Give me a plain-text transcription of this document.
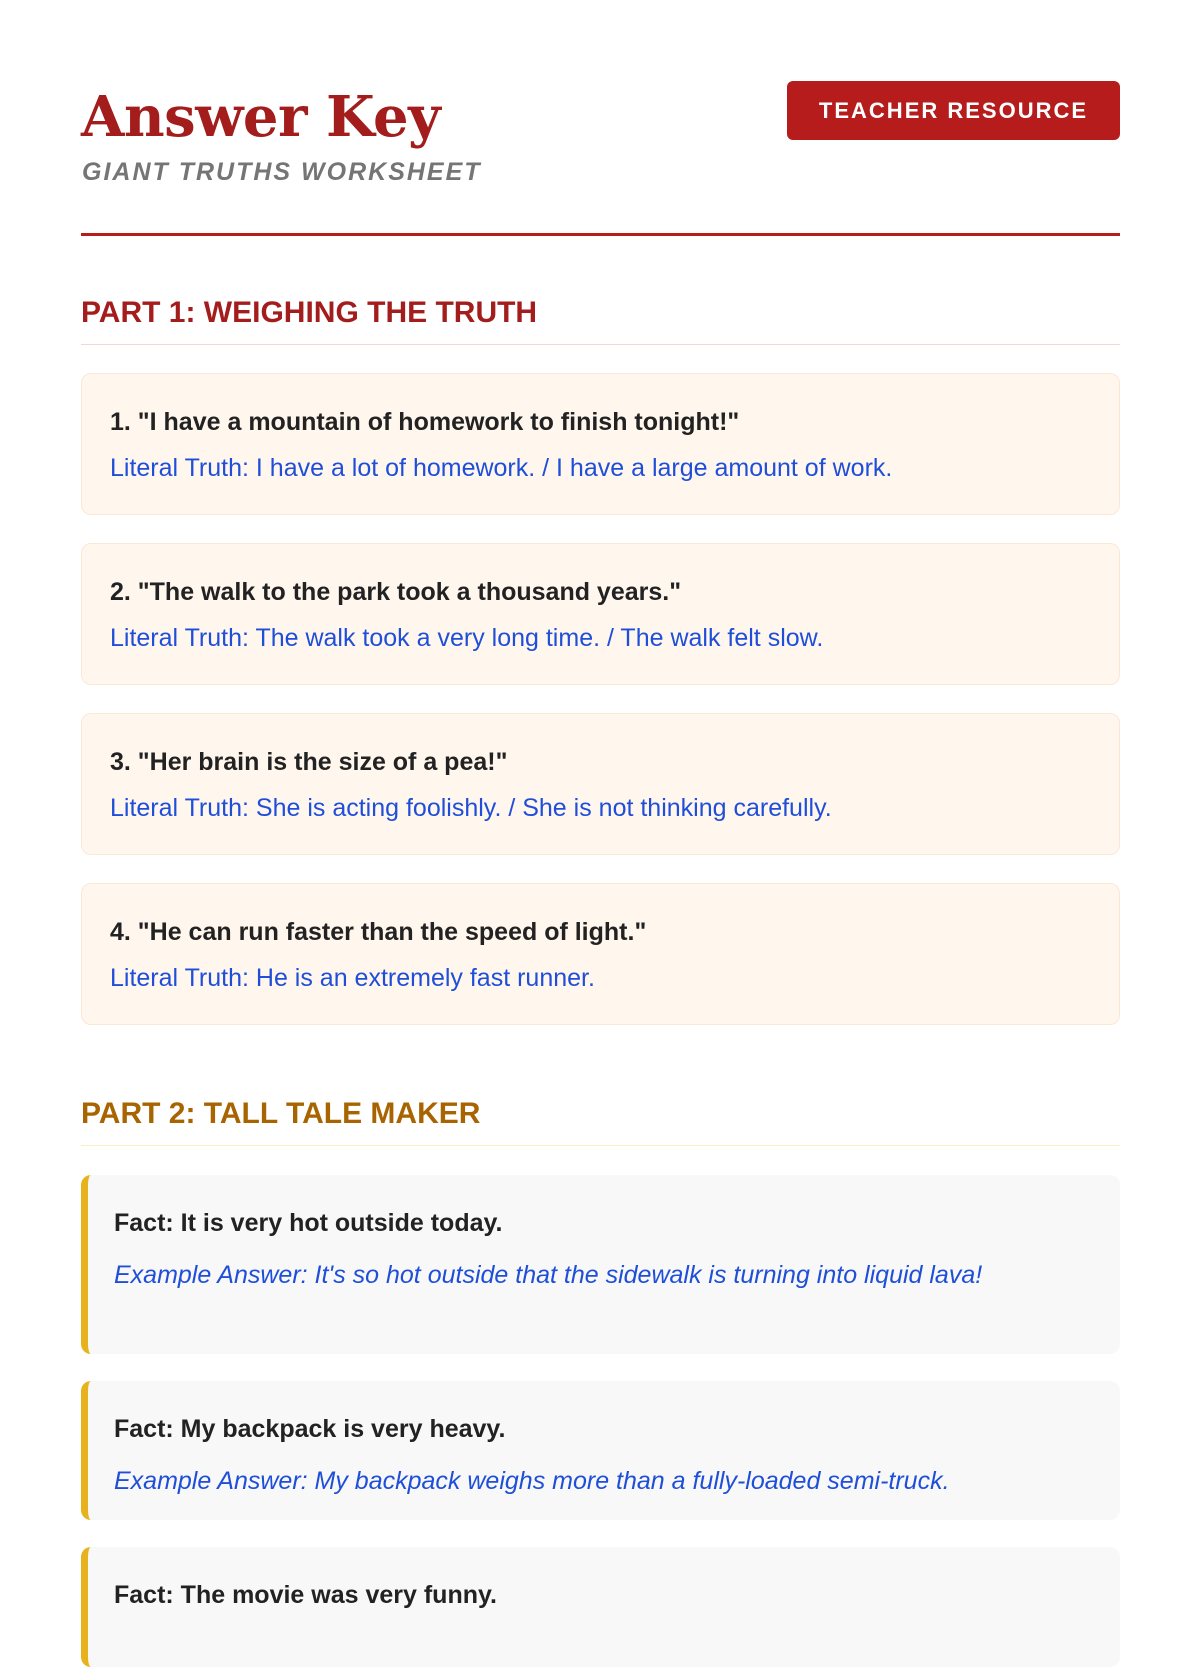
Answer Key
GIANT TRUTHS WORKSHEET
TEACHER RESOURCE
PART 1: WEIGHING THE TRUTH
1. "I have a mountain of homework to finish tonight!"
Literal Truth: I have a lot of homework. / I have a large amount of work.
2. "The walk to the park took a thousand years."
Literal Truth: The walk took a very long time. / The walk felt slow.
3. "Her brain is the size of a pea!"
Literal Truth: She is acting foolishly. / She is not thinking carefully.
4. "He can run faster than the speed of light."
Literal Truth: He is an extremely fast runner.
PART 2: TALL TALE MAKER
Fact: It is very hot outside today.
Example Answer: It's so hot outside that the sidewalk is turning into liquid lava!
Fact: My backpack is very heavy.
Example Answer: My backpack weighs more than a fully-loaded semi-truck.
Fact: The movie was very funny.
